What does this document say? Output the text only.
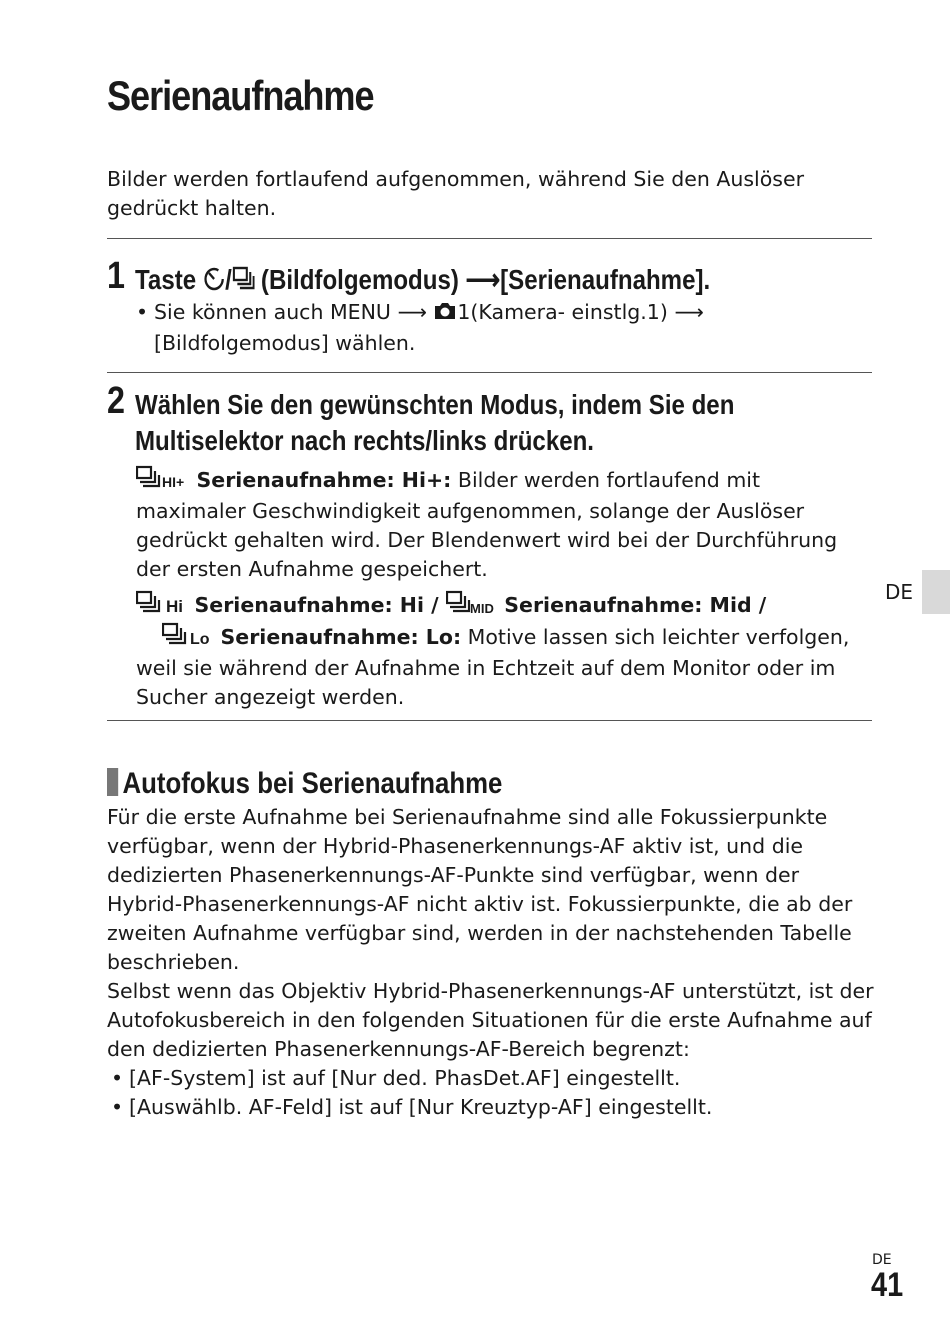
Serienaufnahme
Bilder werden fortlaufend aufgenommen, während Sie den Auslöser gedrückt halten.
1 Taste / (Bildfolgemodus) ⟶[Serienaufnahme].
• Sie können auch MENU ⟶ 1(Kamera- einstlg.1) ⟶
[Bildfolgemodus] wählen.
2 Wählen Sie den gewünschten Modus, indem Sie den
Multiselektor nach rechts/links drücken.
HI+ Serienaufnahme: Hi+: Bilder werden fortlaufend mit maximaler Geschwindigkeit aufgenommen, solange der Auslöser gedrückt gehalten wird. Der Blendenwert wird bei der Durchführung der ersten Aufnahme gespeichert.
Hi Serienaufnahme: Hi / MID Serienaufnahme: Mid /

Lo Serienaufnahme: Lo: Motive lassen sich leichter verfolgen, weil sie während der Aufnahme in Echtzeit auf dem Monitor oder im Sucher angezeigt werden.
Autofokus bei Serienaufnahme
Für die erste Aufnahme bei Serienaufnahme sind alle Fokussierpunkte verfügbar, wenn der Hybrid-Phasenerkennungs-AF aktiv ist, und die dedizierten Phasenerkennungs-AF-Punkte sind verfügbar, wenn der Hybrid-Phasenerkennungs-AF nicht aktiv ist. Fokussierpunkte, die ab der zweiten Aufnahme verfügbar sind, werden in der nachstehenden Tabelle beschrieben.
Selbst wenn das Objektiv Hybrid-Phasenerkennungs-AF unterstützt, ist der Autofokusbereich in den folgenden Situationen für die erste Aufnahme auf den dedizierten Phasenerkennungs-AF-Bereich begrenzt:
• [AF-System] ist auf [Nur ded. PhasDet.AF] eingestellt.
• [Auswählb. AF-Feld] ist auf [Nur Kreuztyp-AF] eingestellt.
DE
DE
41
